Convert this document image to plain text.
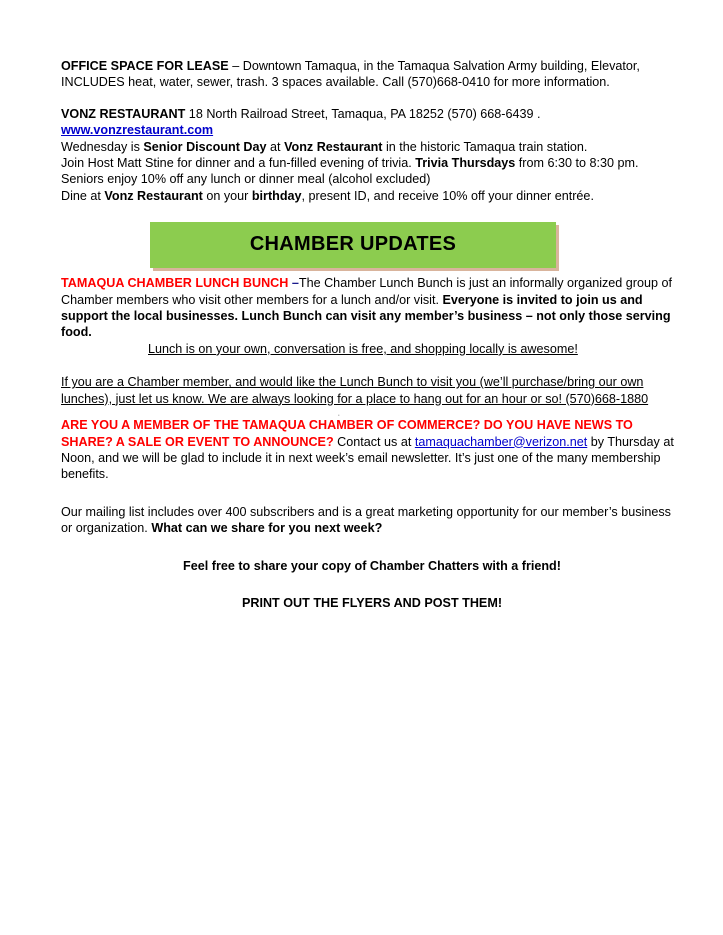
OFFICE SPACE FOR LEASE – Downtown Tamaqua, in the Tamaqua Salvation Army building, Elevator, INCLUDES heat, water, sewer, trash. 3 spaces available. Call (570)668-0410 for more information.

VONZ RESTAURANT 18 North Railroad Street, Tamaqua, PA 18252 (570) 668-6439 .

www.vonzrestaurant.com

Wednesday is Senior Discount Day at Vonz Restaurant in the historic Tamaqua train station.

Join Host Matt Stine for dinner and a fun-filled evening of trivia. Trivia Thursdays from 6:30 to 8:30 pm.

Seniors enjoy 10% off any lunch or dinner meal (alcohol excluded)

Dine at Vonz Restaurant on your birthday, present ID, and receive 10% off your dinner entrée.

CHAMBER UPDATES

TAMAQUA CHAMBER LUNCH BUNCH –The Chamber Lunch Bunch is just an informally organized group of Chamber members who visit other members for a lunch and/or visit. Everyone is invited to join us and support the local businesses. Lunch Bunch can visit any member’s business – not only those serving food.

Lunch is on your own, conversation is free, and shopping locally is awesome!

If you are a Chamber member, and would like the Lunch Bunch to visit you (we’ll purchase/bring our own lunches), just let us know. We are always looking for a place to hang out for an hour or so! (570)668-1880

.

ARE YOU A MEMBER OF THE TAMAQUA CHAMBER OF COMMERCE? DO YOU HAVE NEWS TO SHARE? A SALE OR EVENT TO ANNOUNCE? Contact us at tamaquachamber@verizon.net by Thursday at Noon, and we will be glad to include it in next week’s email newsletter. It’s just one of the many membership benefits.

Our mailing list includes over 400 subscribers and is a great marketing opportunity for our member’s business or organization. What can we share for you next week?

Feel free to share your copy of Chamber Chatters with a friend!

PRINT OUT THE FLYERS AND POST THEM!
